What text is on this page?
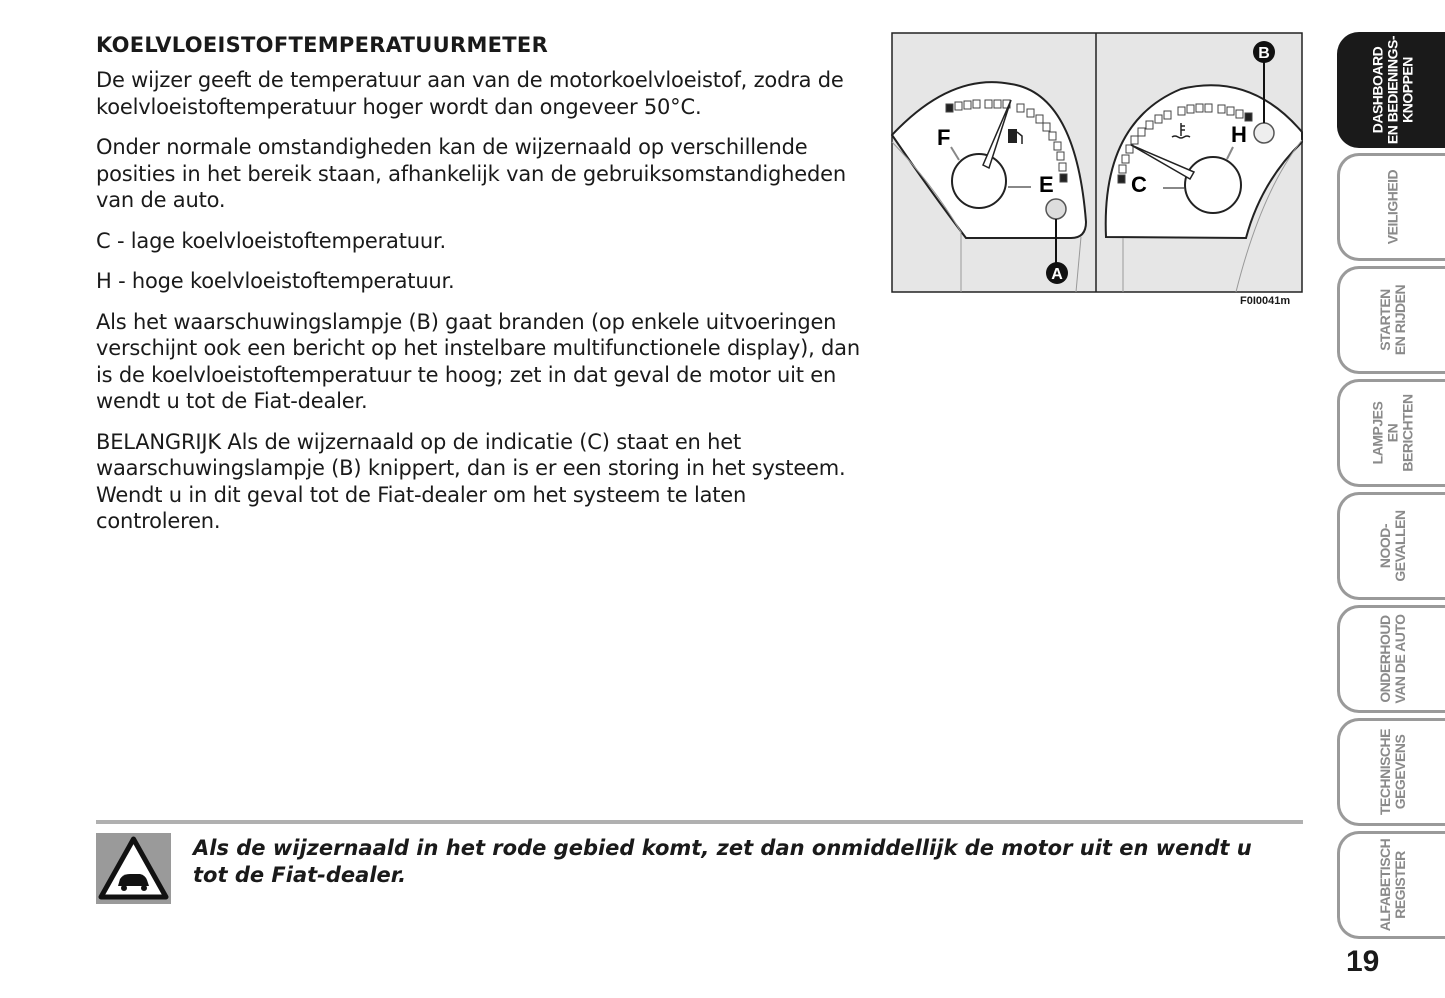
KOELVLOEISTOFTEMPERATUURMETER

De wijzer geeft de temperatuur aan van de motorkoelvloeistof, zodra de koelvloeistoftemperatuur hoger wordt dan ongeveer 50°C.

Onder normale omstandigheden kan de wijzernaald op verschillende posities in het bereik staan, afhankelijk van de gebruiksomstandigheden van de auto.

C - lage koelvloeistoftemperatuur.

H - hoge koelvloeistoftemperatuur.

Als het waarschuwingslampje (B) gaat branden (op enkele uitvoeringen verschijnt ook een bericht op het instelbare multifunctionele display), dan is de koelvloeistoftemperatuur te hoog; zet in dat geval de motor uit en wendt u tot de Fiat-dealer.

BELANGRIJK Als de wijzernaald op de indicatie (C) staat en het waarschuwingslampje (B) knippert, dan is er een storing in het systeem. Wendt u in dit geval tot de Fiat-dealer om het systeem te laten controleren.

F
E
A
C
H
B
F0I0041m
Als de wijzernaald in het rode gebied komt, zet dan onmiddellijk de motor uit en wendt u tot de Fiat-dealer.
DASHBOARD
EN BEDIENINGS-
KNOPPEN
VEILIGHEID
STARTEN
EN RIJDEN
LAMPJES
EN
BERICHTEN
NOOD-
GEVALLEN
ONDERHOUD
VAN DE AUTO
TECHNISCHE
GEGEVENS
ALFABETISCH
REGISTER
19
